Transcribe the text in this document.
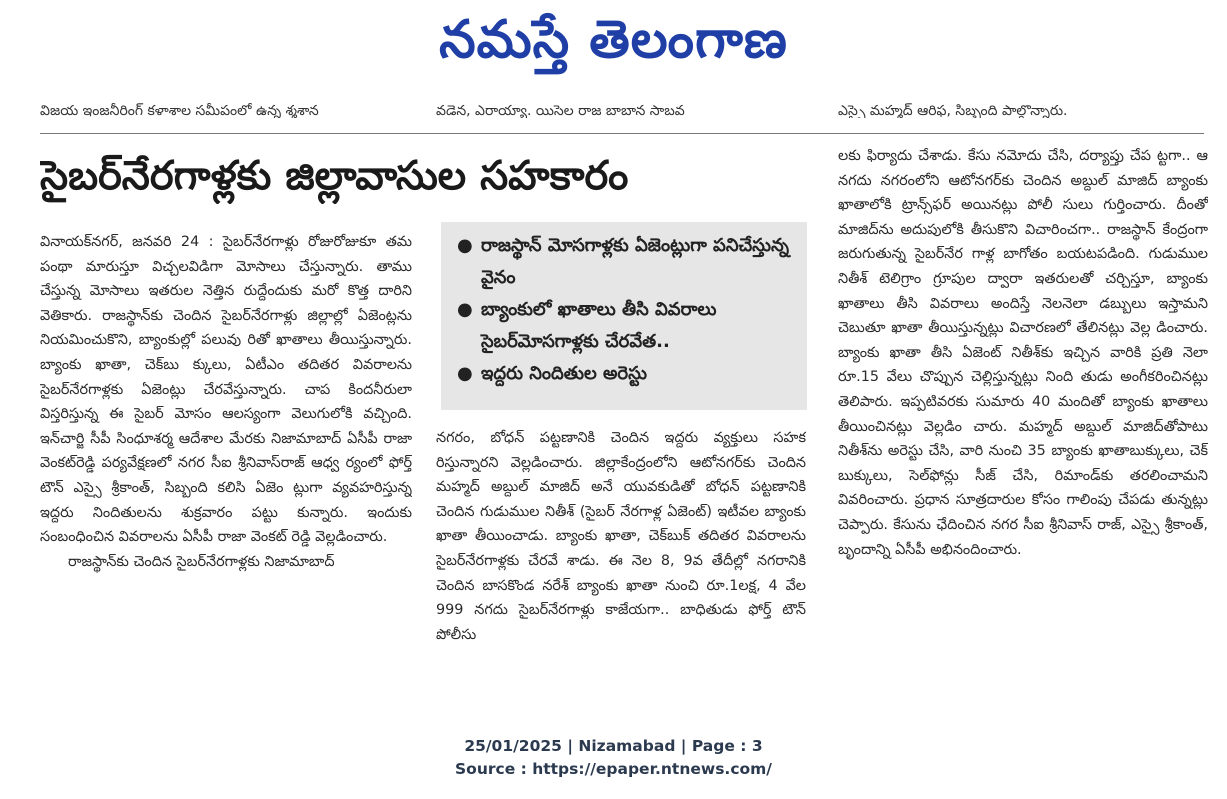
నమస్తే తెలంగాణ
విజయ ఇంజనీరింగ్ కళాశాల సమీపంలో ఉన్న శ్మశాన	వడెన, ఎరాయ్యా. యిసెల రాజ బాబాన సాబవ	ఎస్సై మహ్మద్ ఆరిఫ, సిబ్బంది పాల్గొన్నారు.
సైబర్‌నేరగాళ్లకు జిల్లావాసుల సహకారం

వినాయక్‌నగర్, జనవరి 24 : సైబర్‌నేరగాళ్లు రోజురోజుకూ తమ పంథా మారుస్తూ విచ్చలవిడిగా మోసాలు చేస్తున్నారు. తాము చేస్తున్న మోసాలు ఇతరుల నెత్తిన రుద్దేందుకు మరో కొత్త దారిని వెతికారు. రాజస్థాన్‌కు చెందిన సైబర్‌నేరగాళ్లు జిల్లాల్లో ఏజెంట్లను నియమించుకొని, బ్యాంకుల్లో పలువు రితో ఖాతాలు తీయిస్తున్నారు. బ్యాంకు ఖాతా, చెక్‌బు క్కులు, ఏటీఎం తదితర వివరాలను సైబర్‌నేరగాళ్లకు ఏజెంట్లు చేరవేస్తున్నారు. చాప కిందనీరులా విస్తరిస్తున్న ఈ సైబర్ మోసం ఆలస్యంగా వెలుగులోకి వచ్చింది. ఇన్‌చార్జి సీపీ సింధూశర్మ ఆదేశాల మేరకు నిజామాబాద్ ఏసీపీ రాజా వెంకట్‌రెడ్డి పర్యవేక్షణలో నగర సీఐ శ్రీనివాస్‌రాజ్ ఆధ్వ ర్యంలో ఫోర్త్ టౌన్ ఎస్సై శ్రీకాంత్, సిబ్బంది కలిసి ఏజెం ట్లుగా వ్యవహరిస్తున్న ఇద్దరు నిందితులను శుక్రవారం పట్టు కున్నారు. ఇందుకు సంబంధించిన వివరాలను ఏసీపీ రాజా వెంకట్ రెడ్డి వెల్లడించారు.

రాజస్థాన్‌కు చెందిన సైబర్‌నేరగాళ్లకు నిజామాబాద్

● రాజస్థాన్ మోసగాళ్లకు ఏజెంట్లుగా పనిచేస్తున్న వైనం
● బ్యాంకులో ఖాతాలు తీసి వివరాలు సైబర్‌మోసగాళ్లకు చేరవేత..
● ఇద్దరు నిందితుల అరెస్టు

నగరం, బోధన్ పట్టణానికి చెందిన ఇద్దరు వ్యక్తులు సహక రిస్తున్నారని వెల్లడించారు. జిల్లాకేంద్రంలోని ఆటోనగర్‌కు చెందిన మహ్మద్ అబ్దుల్ మాజిద్ అనే యువకుడితో బోధన్ పట్టణానికి చెందిన గుడుముల నితీశ్ (సైబర్ నేరగాళ్ల ఏజెంట్) ఇటీవల బ్యాంకు ఖాతా తీయించాడు. బ్యాంకు ఖాతా, చెక్‌బుక్ తదితర వివరాలను సైబర్‌నేరగాళ్లకు చేరవే శాడు. ఈ నెల 8, 9వ తేదీల్లో నగరానికి చెందిన బాసకొండ నరేశ్ బ్యాంకు ఖాతా నుంచి రూ.1లక్ష, 4 వేల 999 నగదు సైబర్‌నేరగాళ్లు కాజేయగా.. బాధితుడు ఫోర్త్ టౌన్ పోలీసు

లకు ఫిర్యాదు చేశాడు. కేసు నమోదు చేసి, దర్యాప్తు చేప ట్టగా.. ఆ నగదు నగరంలోని ఆటోనగర్‌కు చెందిన అబ్దుల్ మాజిద్ బ్యాంకు ఖాతాలోకి ట్రాన్స్‌ఫర్ అయినట్లు పోలీ సులు గుర్తించారు. దీంతో మాజిద్‌ను అదుపులోకి తీసుకొని విచారించగా.. రాజస్థాన్ కేంద్రంగా జరుగుతున్న సైబర్‌నేర గాళ్ల బాగోతం బయటపడింది. గుడుముల నితీశ్ టెలిగ్రాం గ్రూపుల ద్వారా ఇతరులతో చర్చిస్తూ, బ్యాంకు ఖాతాలు తీసి వివరాలు అందిస్తే నెలనెలా డబ్బులు ఇస్తామని చెబుతూ ఖాతా తీయిస్తున్నట్లు విచారణలో తేలినట్లు వెల్ల డించారు. బ్యాంకు ఖాతా తీసి ఏజెంట్ నితీశ్‌కు ఇచ్చిన వారికి ప్రతి నెలా రూ.15 వేలు చొప్పున చెల్లిస్తున్నట్లు నింది తుడు అంగీకరించినట్లు తెలిపారు. ఇప్పటివరకు సుమారు 40 మందితో బ్యాంకు ఖాతాలు తీయించినట్లు వెల్లడిం చారు. మహ్మద్ అబ్దుల్ మాజిద్‌తోపాటు నితీశ్‌ను అరెస్టు చేసి, వారి నుంచి 35 బ్యాంకు ఖాతాబుక్కులు, చెక్ బుక్కులు, సెల్‌ఫోన్లు సీజ్ చేసి, రిమాండ్‌కు తరలించామని వివరించారు. ప్రధాన సూత్రదారుల కోసం గాలింపు చేపడు తున్నట్లు చెప్పారు. కేసును ఛేదించిన నగర సీఐ శ్రీనివాస్ రాజ్, ఎస్సై శ్రీకాంత్, బృందాన్ని ఏసీపీ అభినందించారు.

25/01/2025 | Nizamabad | Page : 3
Source : https://epaper.ntnews.com/
